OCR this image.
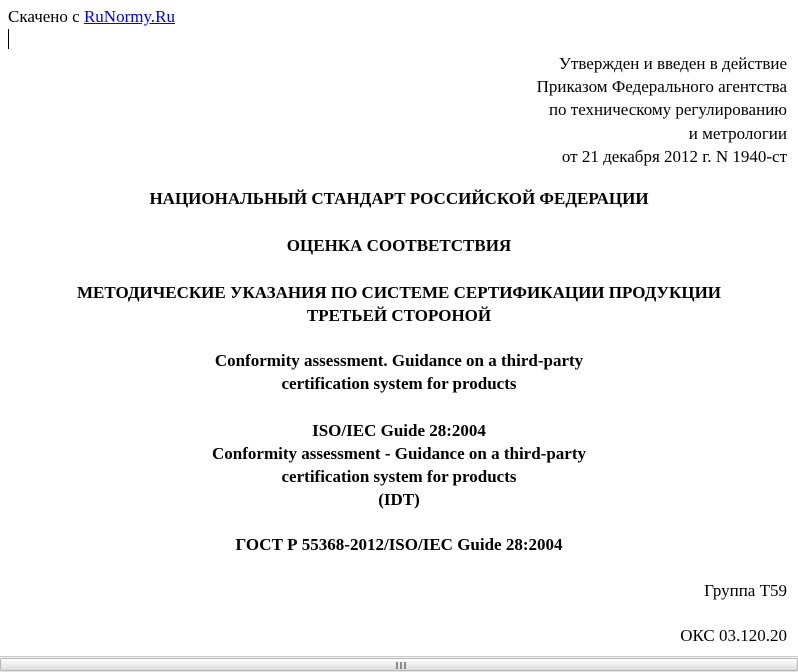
Скачено с RuNormy.Ru
Утвержден и введен в действие
Приказом Федерального агентства
по техническому регулированию
и метрологии
от 21 декабря 2012 г. N 1940-ст
НАЦИОНАЛЬНЫЙ СТАНДАРТ РОССИЙСКОЙ ФЕДЕРАЦИИ
ОЦЕНКА СООТВЕТСТВИЯ
МЕТОДИЧЕСКИЕ УКАЗАНИЯ ПО СИСТЕМЕ СЕРТИФИКАЦИИ ПРОДУКЦИИ
ТРЕТЬЕЙ СТОРОНОЙ
Conformity assessment. Guidance on a third-party
certification system for products
ISO/IEC Guide 28:2004
Conformity assessment - Guidance on a third-party
certification system for products
(IDT)
ГОСТ Р 55368-2012/ISO/IEC Guide 28:2004
Группа Т59
ОКС 03.120.20
